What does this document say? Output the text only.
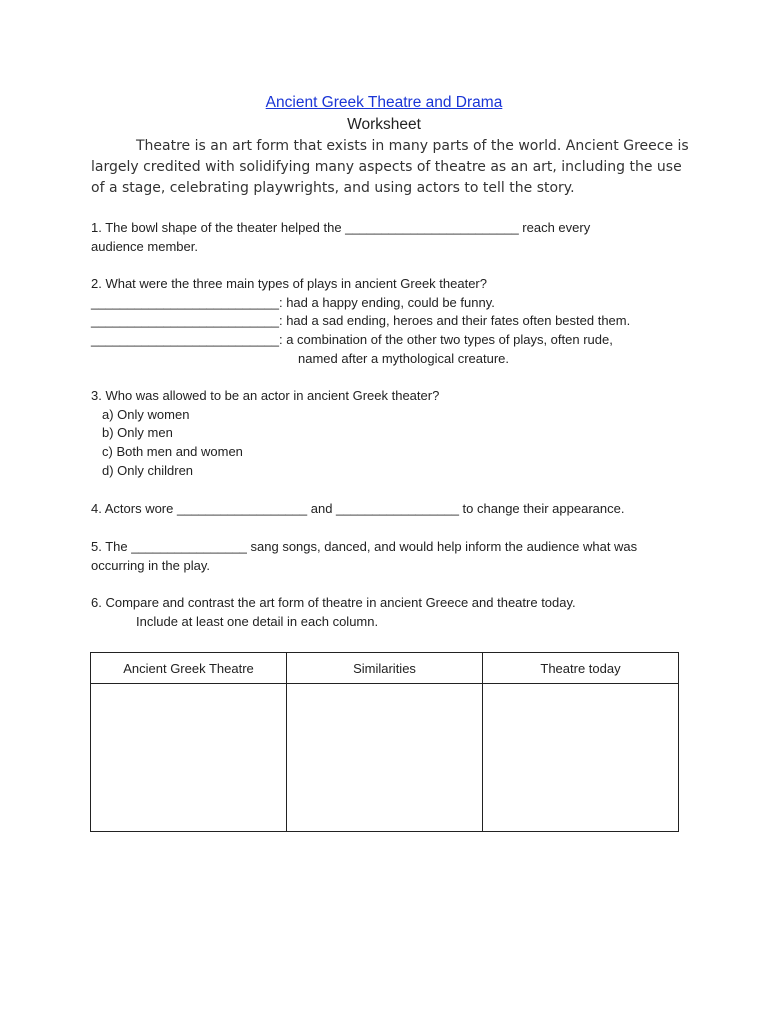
Ancient Greek Theatre and Drama
Worksheet
Theatre is an art form that exists in many parts of the world. Ancient Greece is
largely credited with solidifying many aspects of theatre as an art, including the use
of a stage, celebrating playwrights, and using actors to tell the story.
1. The bowl shape of the theater helped the ________________________ reach every
audience member.
2. What were the three main types of plays in ancient Greek theater?
__________________________: had a happy ending, could be funny.
__________________________: had a sad ending, heroes and their fates often bested them.
__________________________: a combination of the other two types of plays, often rude,
named after a mythological creature.
3. Who was allowed to be an actor in ancient Greek theater?
a) Only women
b) Only men
c) Both men and women
d) Only children
4. Actors wore __________________ and _________________ to change their appearance.
5. The ________________ sang songs, danced, and would help inform the audience what was
occurring in the play.
6. Compare and contrast the art form of theatre in ancient Greece and theatre today.
Include at least one detail in each column.
Ancient Greek Theatre	Similarities	Theatre today
